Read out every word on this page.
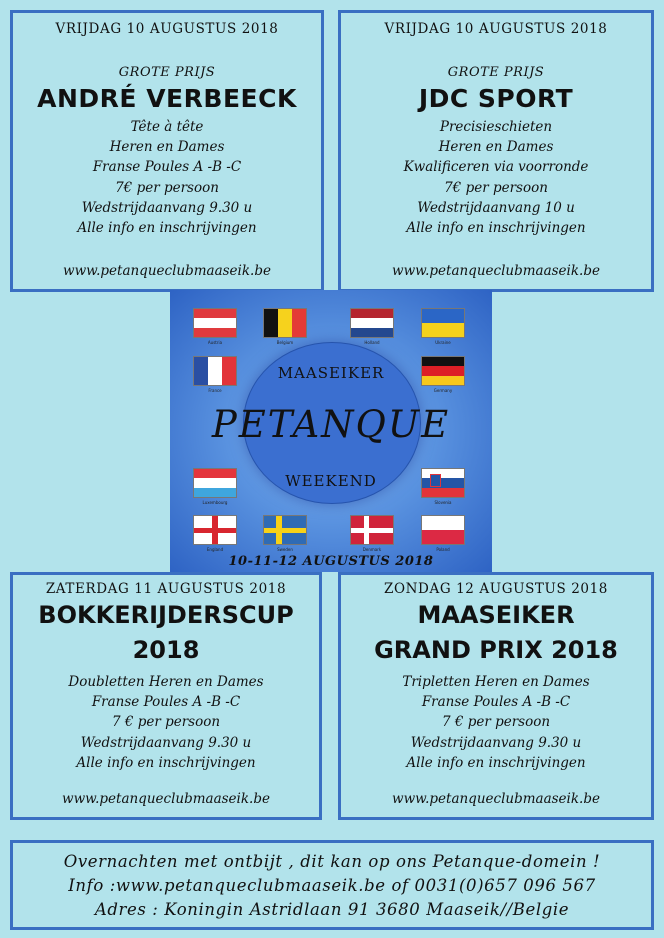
VRIJDAG 10 AUGUSTUS 2018
GROTE PRIJS
ANDRÉ VERBEECK
Tête à tête
Heren en Dames
Franse Poules A -B -C
7€ per persoon
Wedstrijdaanvang 9.30 u
Alle info en inschrijvingen
www.petanqueclubmaaseik.be
VRIJDAG 10 AUGUSTUS 2018
GROTE PRIJS
JDC SPORT
Precisieschieten
Heren en Dames
Kwalificeren via voorronde
7€ per persoon
Wedstrijdaanvang 10 u
Alle info en inschrijvingen
www.petanqueclubmaaseik.be
MAASEIKER
PETANQUE
WEEKEND
10-11-12 AUGUSTUS 2018
Austria	Belgium	Holland	Ukraine
France	Germany
Luxembourg	Slovenia
England	Sweden	Denmark	Poland
ZATERDAG 11 AUGUSTUS 2018
BOKKERIJDERSCUP
2018
Doubletten Heren en Dames
Franse Poules A -B -C
7 € per persoon
Wedstrijdaanvang 9.30 u
Alle info en inschrijvingen
www.petanqueclubmaaseik.be
ZONDAG 12 AUGUSTUS 2018
MAASEIKER
GRAND PRIX 2018
Tripletten Heren en Dames
Franse Poules A -B -C
7 € per persoon
Wedstrijdaanvang 9.30 u
Alle info en inschrijvingen
www.petanqueclubmaaseik.be
Overnachten met ontbijt , dit kan op ons Petanque-domein !
Info :www.petanqueclubmaaseik.be of 0031(0)657 096 567
Adres : Koningin Astridlaan 91 3680 Maaseik//Belgie
